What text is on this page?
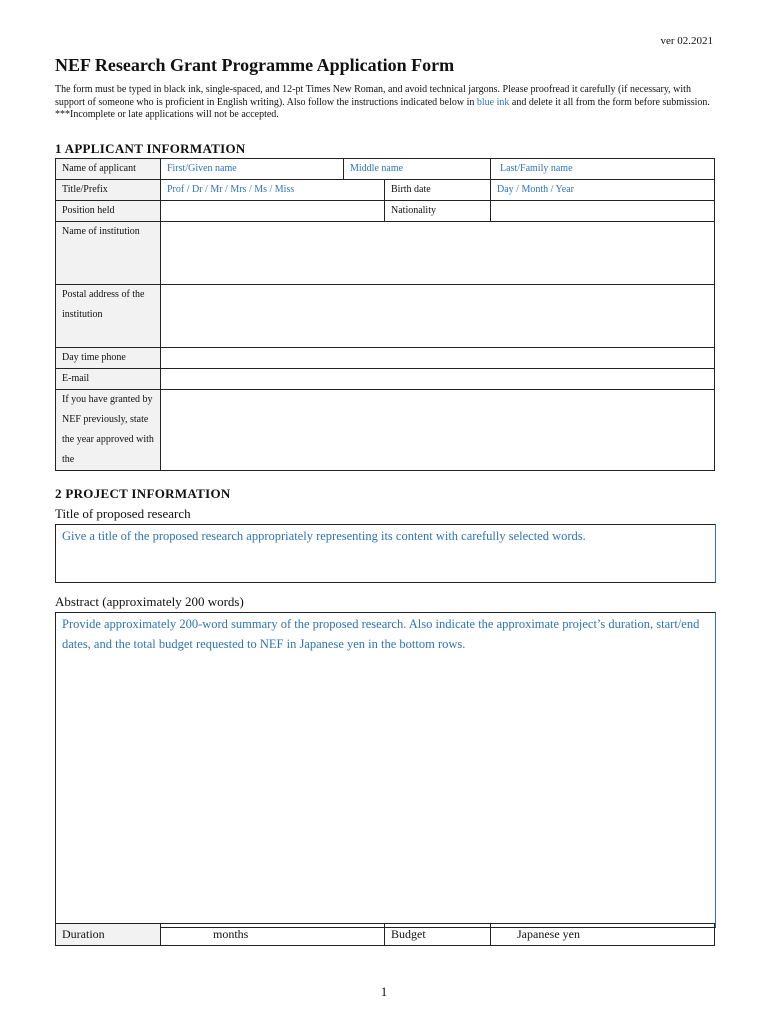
ver 02.2021
NEF Research Grant Programme Application Form
The form must be typed in black ink, single-spaced, and 12-pt Times New Roman, and avoid technical jargons. Please proofread it carefully (if necessary, with support of someone who is proficient in English writing). Also follow the instructions indicated below in blue ink and delete it all from the form before submission. ***Incomplete or late applications will not be accepted.
1 APPLICANT INFORMATION
Name of applicant	First/Given name	Middle name		Last/Family name
Title/Prefix	Prof / Dr / Mr / Mrs / Ms / Miss		Birth date	Day / Month / Year
Position held			Nationality	
Name of institution				
Postal address of the institution				
Day time phone				
E-mail				
If you have granted by NEF previously, state the year approved with the				
2 PROJECT INFORMATION
Title of proposed research
Give a title of the proposed research appropriately representing its content with carefully selected words.
Abstract (approximately 200 words)
Provide approximately 200-word summary of the proposed research. Also indicate the approximate project’s duration, start/end dates, and the total budget requested to NEF in Japanese yen in the bottom rows.
Duration	months	Budget	Japanese yen
1
